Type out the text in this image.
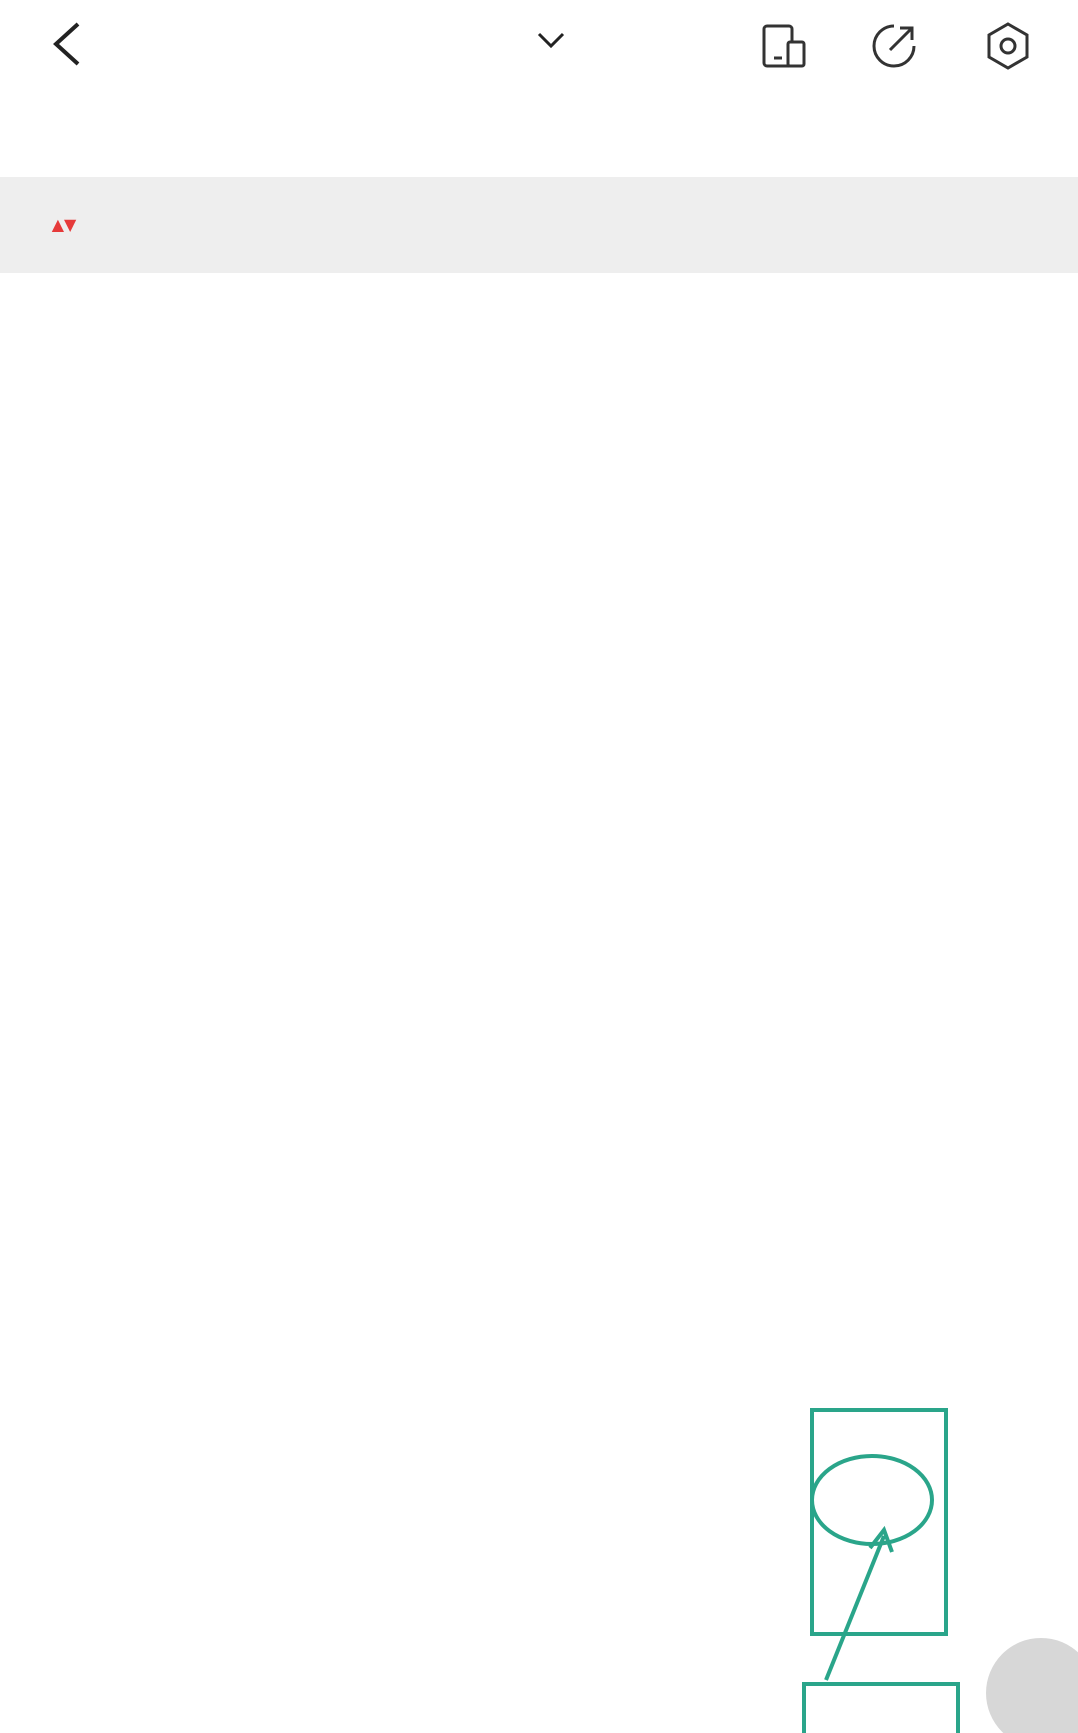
▲▼
